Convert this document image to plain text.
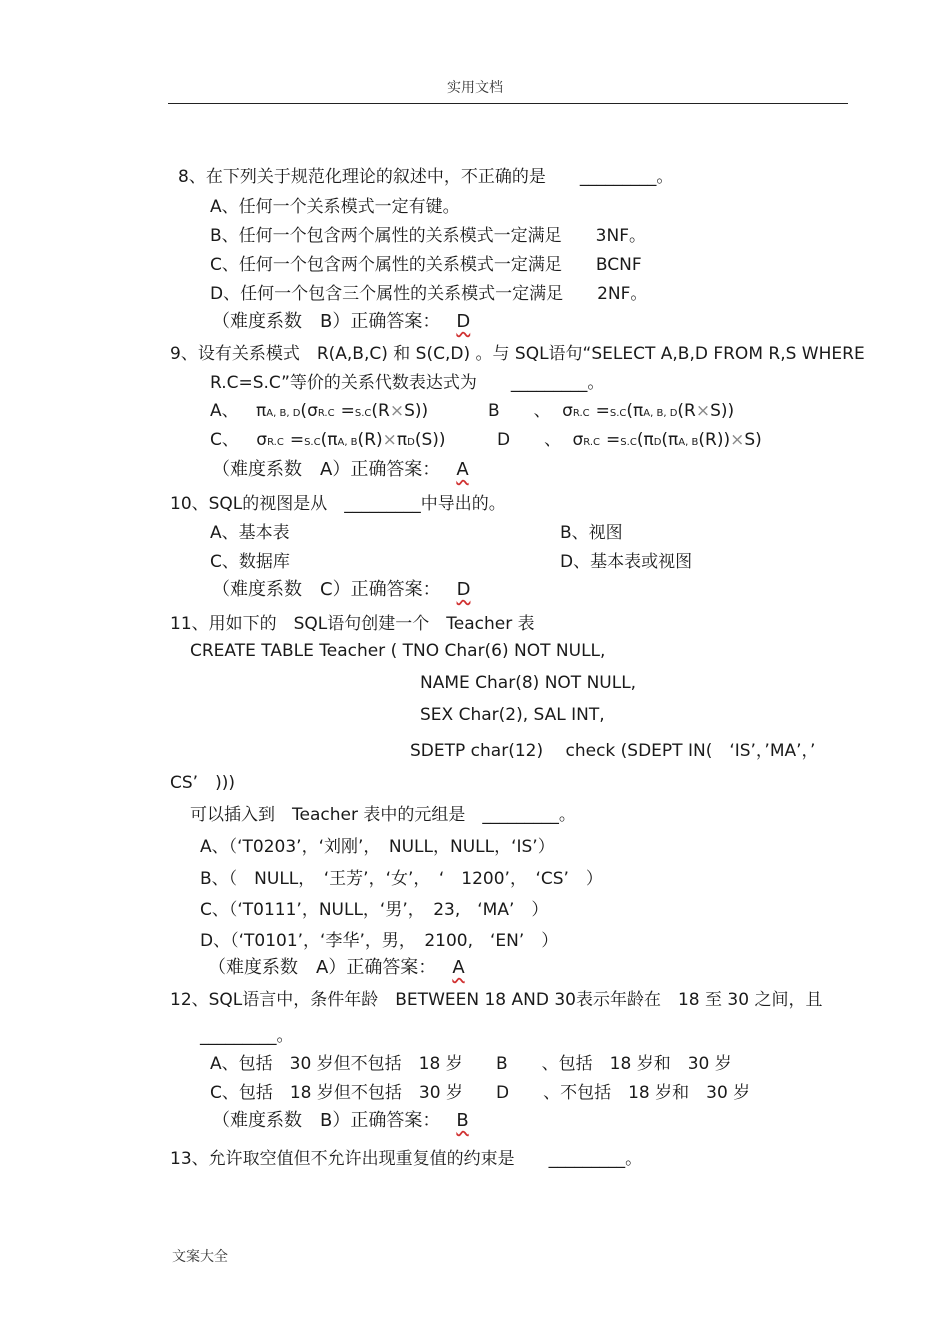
实用文档
8、在下列关于规范化理论的叙述中，不正确的是　　_________。
A、任何一个关系模式一定有键。
B、任何一个包含两个属性的关系模式一定满足　　3NF。
C、任何一个包含两个属性的关系模式一定满足　　BCNF
D、任何一个包含三个属性的关系模式一定满足　　2NF。
（难度系数　B）正确答案： D
9、设有关系模式　R(A,B,C) 和 S(C,D) 。与 SQL语句“SELECT A,B,D FROM R,S WHERE
R.C=S.C”等价的关系代数表达式为　　_________。
A、 πA, B, D(σR.C =S.C(R×S))	B　　、 σR.C =S.C(πA, B, D(R×S))
C、 σR.C =S.C(πA, B(R)×πD(S))	D　　、 σR.C =S.C(πD(πA, B(R))×S)
（难度系数　A）正确答案： A
10、SQL的视图是从　_________中导出的。
A、基本表	B、视图
C、数据库	D、基本表或视图
（难度系数　C）正确答案： D
11、用如下的　SQL语句创建一个　Teacher 表
CREATE TABLE Teacher ( TNO Char(6) NOT NULL,
NAME Char(8) NOT NULL,
SEX Char(2), SAL INT,
SDETP char(12)　 check (SDEPT IN(　‘IS’，’MA’，’
CS’　)))
可以插入到　Teacher 表中的元组是　_________。
A、（‘T0203’，‘刘刚’，　NULL，NULL，‘IS’）
B、（　NULL，　‘王芳’，‘女’，　‘　1200’，　‘CS’　）
C、（‘T0111’，NULL，‘男’，　23,　‘MA’　）
D、（‘T0101’，‘李华’，男，　2100,　‘EN’　）
（难度系数　A）正确答案： A
12、SQL语言中，条件年龄　BETWEEN 18 AND 30表示年龄在　18 至 30 之间，且
_________。
A、包括　30 岁但不包括　18 岁 B　　、包括　18 岁和　30 岁
C、包括　18 岁但不包括　30 岁 D　　、不包括　18 岁和　30 岁
（难度系数　B）正确答案： B
13、允许取空值但不允许出现重复值的约束是　　_________。
文案大全
